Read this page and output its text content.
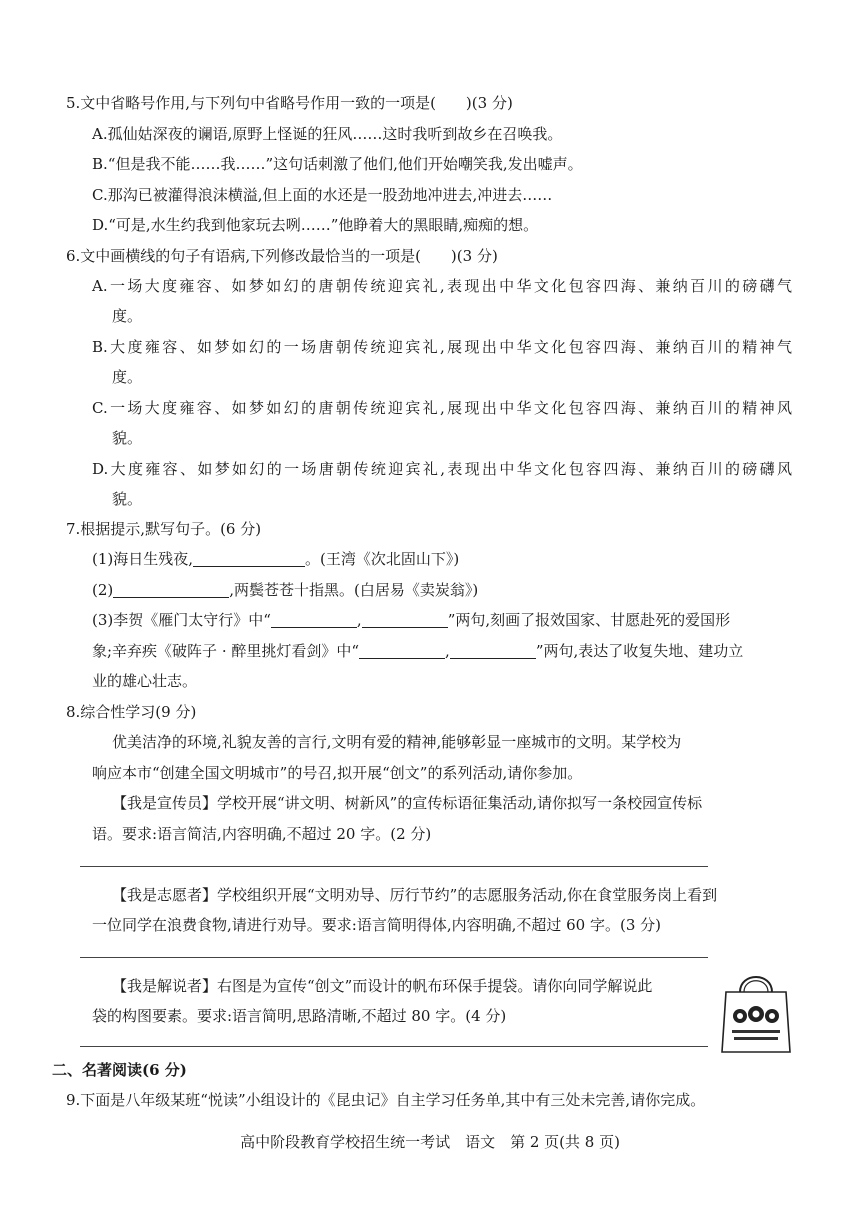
5.文中省略号作用,与下列句中省略号作用一致的一项是(　　)(3 分)
A.孤仙姑深夜的谰语,原野上怪诞的狂风……这时我听到故乡在召唤我。
B.“但是我不能……我……”这句话刺激了他们,他们开始嘲笑我,发出嘘声。
C.那沟已被灌得浪沫横溢,但上面的水还是一股劲地冲进去,冲进去……
D.“可是,水生约我到他家玩去咧……”他睁着大的黑眼睛,痴痴的想。
6.文中画横线的句子有语病,下列修改最恰当的一项是(　　)(3 分)
A.一场大度雍容、如梦如幻的唐朝传统迎宾礼,表现出中华文化包容四海、兼纳百川的磅礴气
度。
B.大度雍容、如梦如幻的一场唐朝传统迎宾礼,展现出中华文化包容四海、兼纳百川的精神气
度。
C.一场大度雍容、如梦如幻的唐朝传统迎宾礼,展现出中华文化包容四海、兼纳百川的精神风
貌。
D.大度雍容、如梦如幻的一场唐朝传统迎宾礼,表现出中华文化包容四海、兼纳百川的磅礴风
貌。
7.根据提示,默写句子。(6 分)
(1)海日生残夜,	。(王湾《次北固山下》)
(2)	,两鬓苍苍十指黑。(白居易《卖炭翁》)
(3)李贺《雁门太守行》中“	,	”两句,刻画了报效国家、甘愿赴死的爱国形
象;辛弃疾《破阵子 · 醉里挑灯看剑》中“	,	”两句,表达了收复失地、建功立
业的雄心壮志。
8.综合性学习(9 分)
优美洁净的环境,礼貌友善的言行,文明有爱的精神,能够彰显一座城市的文明。某学校为
响应本市“创建全国文明城市”的号召,拟开展“创文”的系列活动,请你参加。
【我是宣传员】学校开展“讲文明、树新风”的宣传标语征集活动,请你拟写一条校园宣传标
语。要求:语言简洁,内容明确,不超过 20 字。(2 分)
【我是志愿者】学校组织开展“文明劝导、厉行节约”的志愿服务活动,你在食堂服务岗上看到
一位同学在浪费食物,请进行劝导。要求:语言简明得体,内容明确,不超过 60 字。(3 分)
【我是解说者】右图是为宣传“创文”而设计的帆布环保手提袋。请你向同学解说此
袋的构图要素。要求:语言简明,思路清晰,不超过 80 字。(4 分)
二、名著阅读(6 分)
9.下面是八年级某班“悦读”小组设计的《昆虫记》自主学习任务单,其中有三处未完善,请你完成。
高中阶段教育学校招生统一考试　语文　第 2 页(共 8 页)
